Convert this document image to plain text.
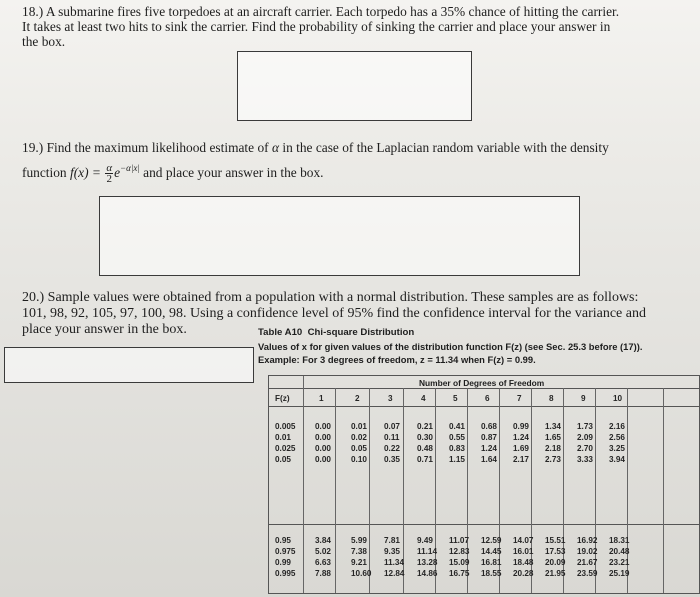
18.) A submarine fires five torpedoes at an aircraft carrier. Each torpedo has a 35% chance of hitting the carrier.
It takes at least two hits to sink the carrier. Find the probability of sinking the carrier and place your answer in
the box.
19.) Find the maximum likelihood estimate of α in the case of the Laplacian random variable with the density
function $f(x) = \frac{\alpha}{2} e^{-\alpha|x|}$ and place your answer in the box.
20.) Sample values were obtained from a population with a normal distribution. These samples are as follows:
101, 98, 92, 105, 97, 100, 98. Using a confidence level of 95% find the confidence interval for the variance and
place your answer in the box.	Table A10 Chi-square Distribution
Values of x for given values of the distribution function F(z) (see Sec. 25.3 before (17)).
Example: For 3 degrees of freedom, z = 11.34 when F(z) = 0.99.
Number of Degrees of Freedom
F(z)	1	2	3	4	5	6	7	8	9	10
0.005 0.00 0.01 0.07 0.21 0.41 0.68 0.99 1.34 1.73 2.16
0.01	0.00 0.02 0.11 0.30 0.55 0.87 1.24 1.65 2.09 2.56
0.025 0.00 0.05 0.22 0.48 0.83 1.24 1.69 2.18 2.70 3.25
0.05	0.00 0.10 0.35 0.71 1.15 1.64 2.17 2.73 3.33 3.94
0.95	3.84 5.99 7.81 9.49 11.07 12.59 14.07 15.51 16.92 18.31
0.975 5.02 7.38 9.35 11.14 12.83 14.45 16.01 17.53 19.02 20.48
0.99	6.63 9.21 11.34 13.28 15.09 16.81 18.48 20.09 21.67 23.21
0.995 7.88 10.60 12.84 14.86 16.75 18.55 20.28 21.95 23.59 25.19
